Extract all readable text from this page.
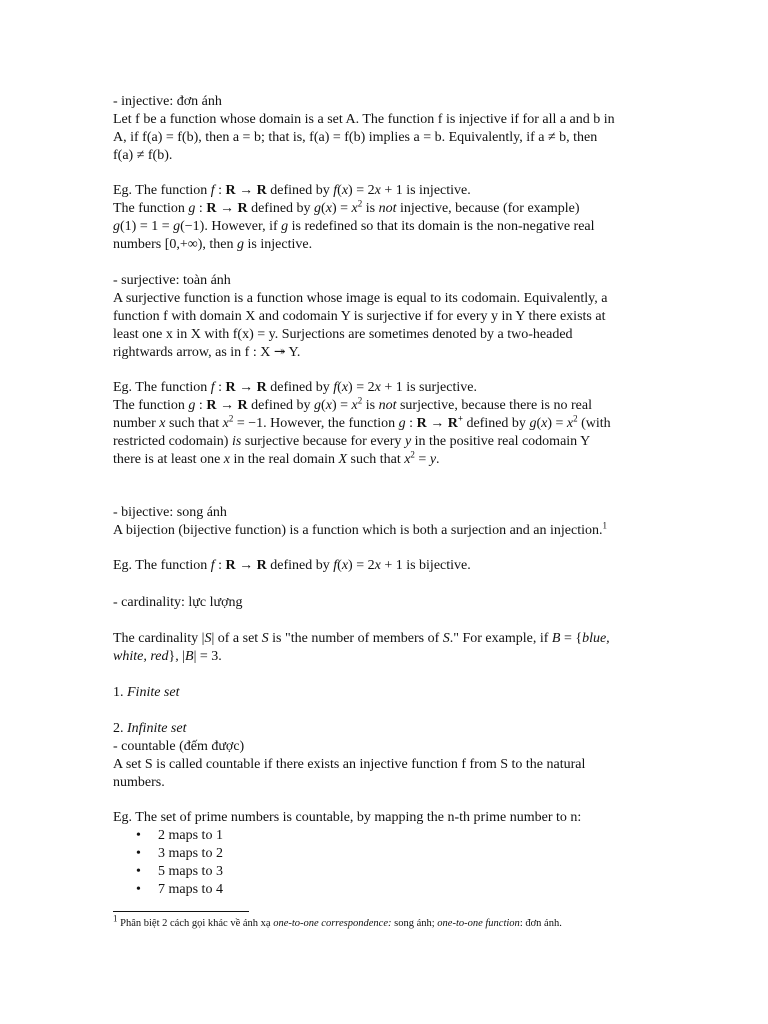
- injective: đơn ánh
Let f be a function whose domain is a set A. The function f is injective if for all a and b in
A, if f(a) = f(b), then a = b; that is, f(a) = f(b) implies a = b. Equivalently, if a ≠ b, then
f(a) ≠ f(b).
Eg. The function f : R → R defined by f(x) = 2x + 1 is injective.
The function g : R → R defined by $g(x) = x^2$ is not injective, because (for example)
g(1) = 1 = g(−1). However, if g is redefined so that its domain is the non-negative real
numbers [0,+∞), then g is injective.
- surjective: toàn ánh
A surjective function is a function whose image is equal to its codomain. Equivalently, a
function f with domain X and codomain Y is surjective if for every y in Y there exists at
least one x in X with f(x) = y. Surjections are sometimes denoted by a two-headed
rightwards arrow, as in f : X ↠ Y.
Eg. The function f : R → R defined by f(x) = 2x + 1 is surjective.
The function g : R → R defined by $g(x) = x^2$ is not surjective, because there is no real
number x such that $x^2 = -1$. However, the function g : R → R+ defined by $g(x) = x^2$ (with
restricted codomain) is surjective because for every y in the positive real codomain Y
there is at least one x in the real domain X such that $x^2 = y$.
- bijective: song ánh
A bijection (bijective function) is a function which is both a surjection and an injection.$^1$
Eg. The function f : R → R defined by f(x) = 2x + 1 is bijective.
- cardinality: lực lượng
The cardinality |S| of a set S is "the number of members of S." For example, if B = {blue,
white, red}, |B| = 3.
1. Finite set
2. Infinite set
- countable (đếm được)
A set S is called countable if there exists an injective function f from S to the natural
numbers.
Eg. The set of prime numbers is countable, by mapping the n-th prime number to n:
• 2 maps to 1
• 3 maps to 2
• 5 maps to 3
• 7 maps to 4
$^1$ Phân biệt 2 cách gọi khác về ánh xạ one-to-one correspondence: song ánh; one-to-one function: đơn ánh.
